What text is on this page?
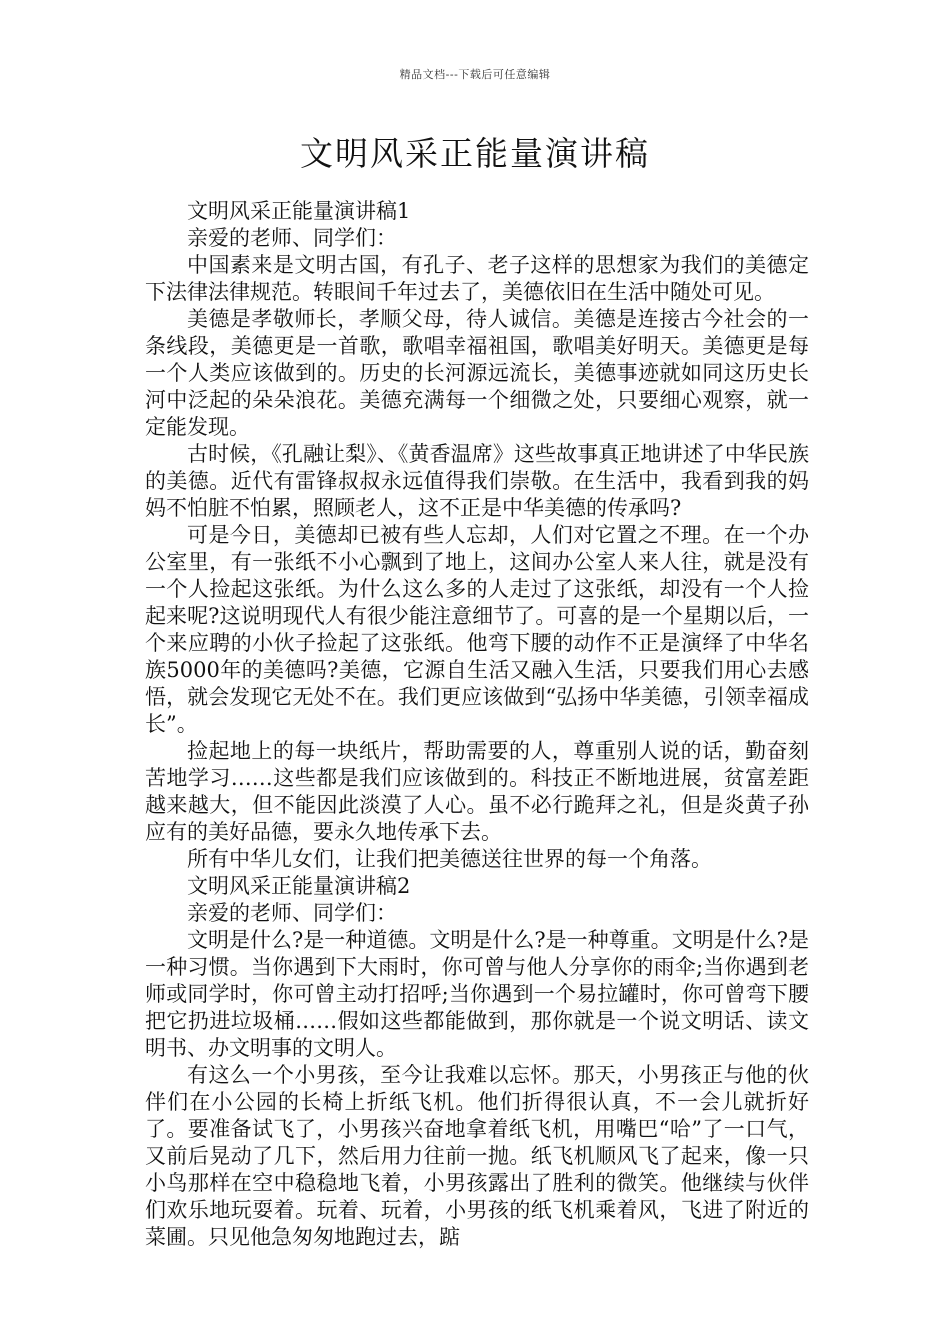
精品文档---下载后可任意编辑
文明风采正能量演讲稿

文明风采正能量演讲稿1

亲爱的老师、同学们：

中国素来是文明古国，有孔子、老子这样的思想家为我们的美德定下法律法律规范。转眼间千年过去了，美德依旧在生活中随处可见。

美德是孝敬师长，孝顺父母，待人诚信。美德是连接古今社会的一条线段，美德更是一首歌，歌唱幸福祖国，歌唱美好明天。美德更是每一个人类应该做到的。历史的长河源远流长，美德事迹就如同这历史长河中泛起的朵朵浪花。美德充满每一个细微之处，只要细心观察，就一定能发现。

古时候，《孔融让梨》、《黄香温席》这些故事真正地讲述了中华民族的美德。近代有雷锋叔叔永远值得我们崇敬。在生活中，我看到我的妈妈不怕脏不怕累，照顾老人，这不正是中华美德的传承吗?

可是今日，美德却已被有些人忘却，人们对它置之不理。在一个办公室里，有一张纸不小心飘到了地上，这间办公室人来人往，就是没有一个人捡起这张纸。为什么这么多的人走过了这张纸，却没有一个人捡起来呢?这说明现代人有很少能注意细节了。可喜的是一个星期以后，一个来应聘的小伙子捡起了这张纸。他弯下腰的动作不正是演绎了中华名族5000年的美德吗?美德，它源自生活又融入生活，只要我们用心去感悟，就会发现它无处不在。我们更应该做到“弘扬中华美德，引领幸福成长”。

捡起地上的每一块纸片，帮助需要的人，尊重别人说的话，勤奋刻苦地学习……这些都是我们应该做到的。科技正不断地进展，贫富差距越来越大，但不能因此淡漠了人心。虽不必行跪拜之礼，但是炎黄子孙应有的美好品德，要永久地传承下去。

所有中华儿女们，让我们把美德送往世界的每一个角落。

文明风采正能量演讲稿2

亲爱的老师、同学们：

文明是什么?是一种道德。文明是什么?是一种尊重。文明是什么?是一种习惯。当你遇到下大雨时，你可曾与他人分享你的雨伞;当你遇到老师或同学时，你可曾主动打招呼;当你遇到一个易拉罐时，你可曾弯下腰把它扔进垃圾桶……假如这些都能做到，那你就是一个说文明话、读文明书、办文明事的文明人。

有这么一个小男孩，至今让我难以忘怀。那天，小男孩正与他的伙伴们在小公园的长椅上折纸飞机。他们折得很认真，不一会儿就折好了。要准备试飞了，小男孩兴奋地拿着纸飞机，用嘴巴“哈”了一口气，又前后晃动了几下，然后用力往前一抛。纸飞机顺风飞了起来，像一只小鸟那样在空中稳稳地飞着，小男孩露出了胜利的微笑。他继续与伙伴们欢乐地玩耍着。玩着、玩着，小男孩的纸飞机乘着风，飞进了附近的菜圃。只见他急匆匆地跑过去，踮
